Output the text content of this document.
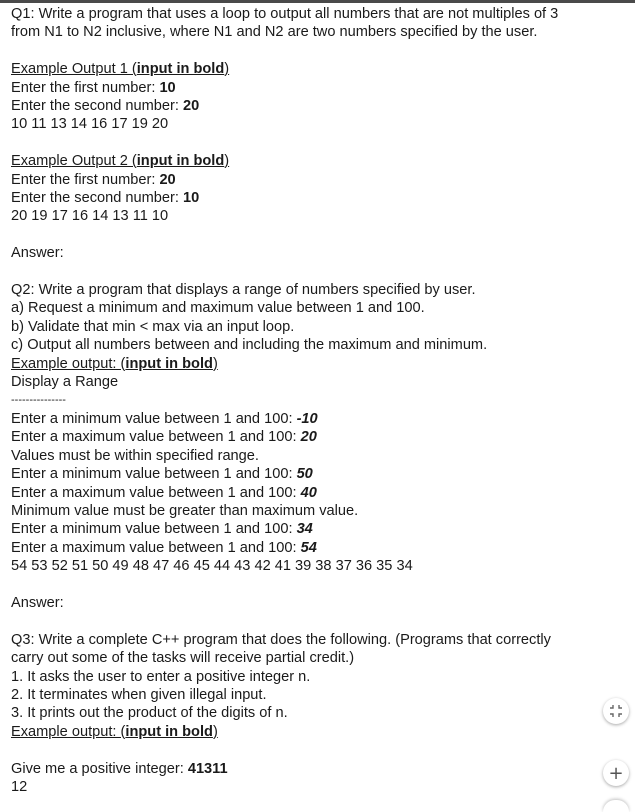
Q1: Write a program that uses a loop to output all numbers that are not multiples of 3
from N1 to N2 inclusive, where N1 and N2 are two numbers specified by the user.
Example Output 1 (input in bold)
Enter the first number: 10
Enter the second number: 20
10 11 13 14 16 17 19 20
Example Output 2 (input in bold)
Enter the first number: 20
Enter the second number: 10
20 19 17 16 14 13 11 10
Answer:
Q2: Write a program that displays a range of numbers specified by user.
a) Request a minimum and maximum value between 1 and 100.
b) Validate that min < max via an input loop.
c) Output all numbers between and including the maximum and minimum.
Example output: (input in bold)
Display a Range
---------------
Enter a minimum value between 1 and 100: -10
Enter a maximum value between 1 and 100: 20
Values must be within specified range.
Enter a minimum value between 1 and 100: 50
Enter a maximum value between 1 and 100: 40
Minimum value must be greater than maximum value.
Enter a minimum value between 1 and 100: 34
Enter a maximum value between 1 and 100: 54
54 53 52 51 50 49 48 47 46 45 44 43 42 41 39 38 37 36 35 34
Answer:
Q3: Write a complete C++ program that does the following. (Programs that correctly
carry out some of the tasks will receive partial credit.)
1. It asks the user to enter a positive integer n.
2. It terminates when given illegal input.
3. It prints out the product of the digits of n.
Example output: (input in bold)
Give me a positive integer: 41311
12
+
